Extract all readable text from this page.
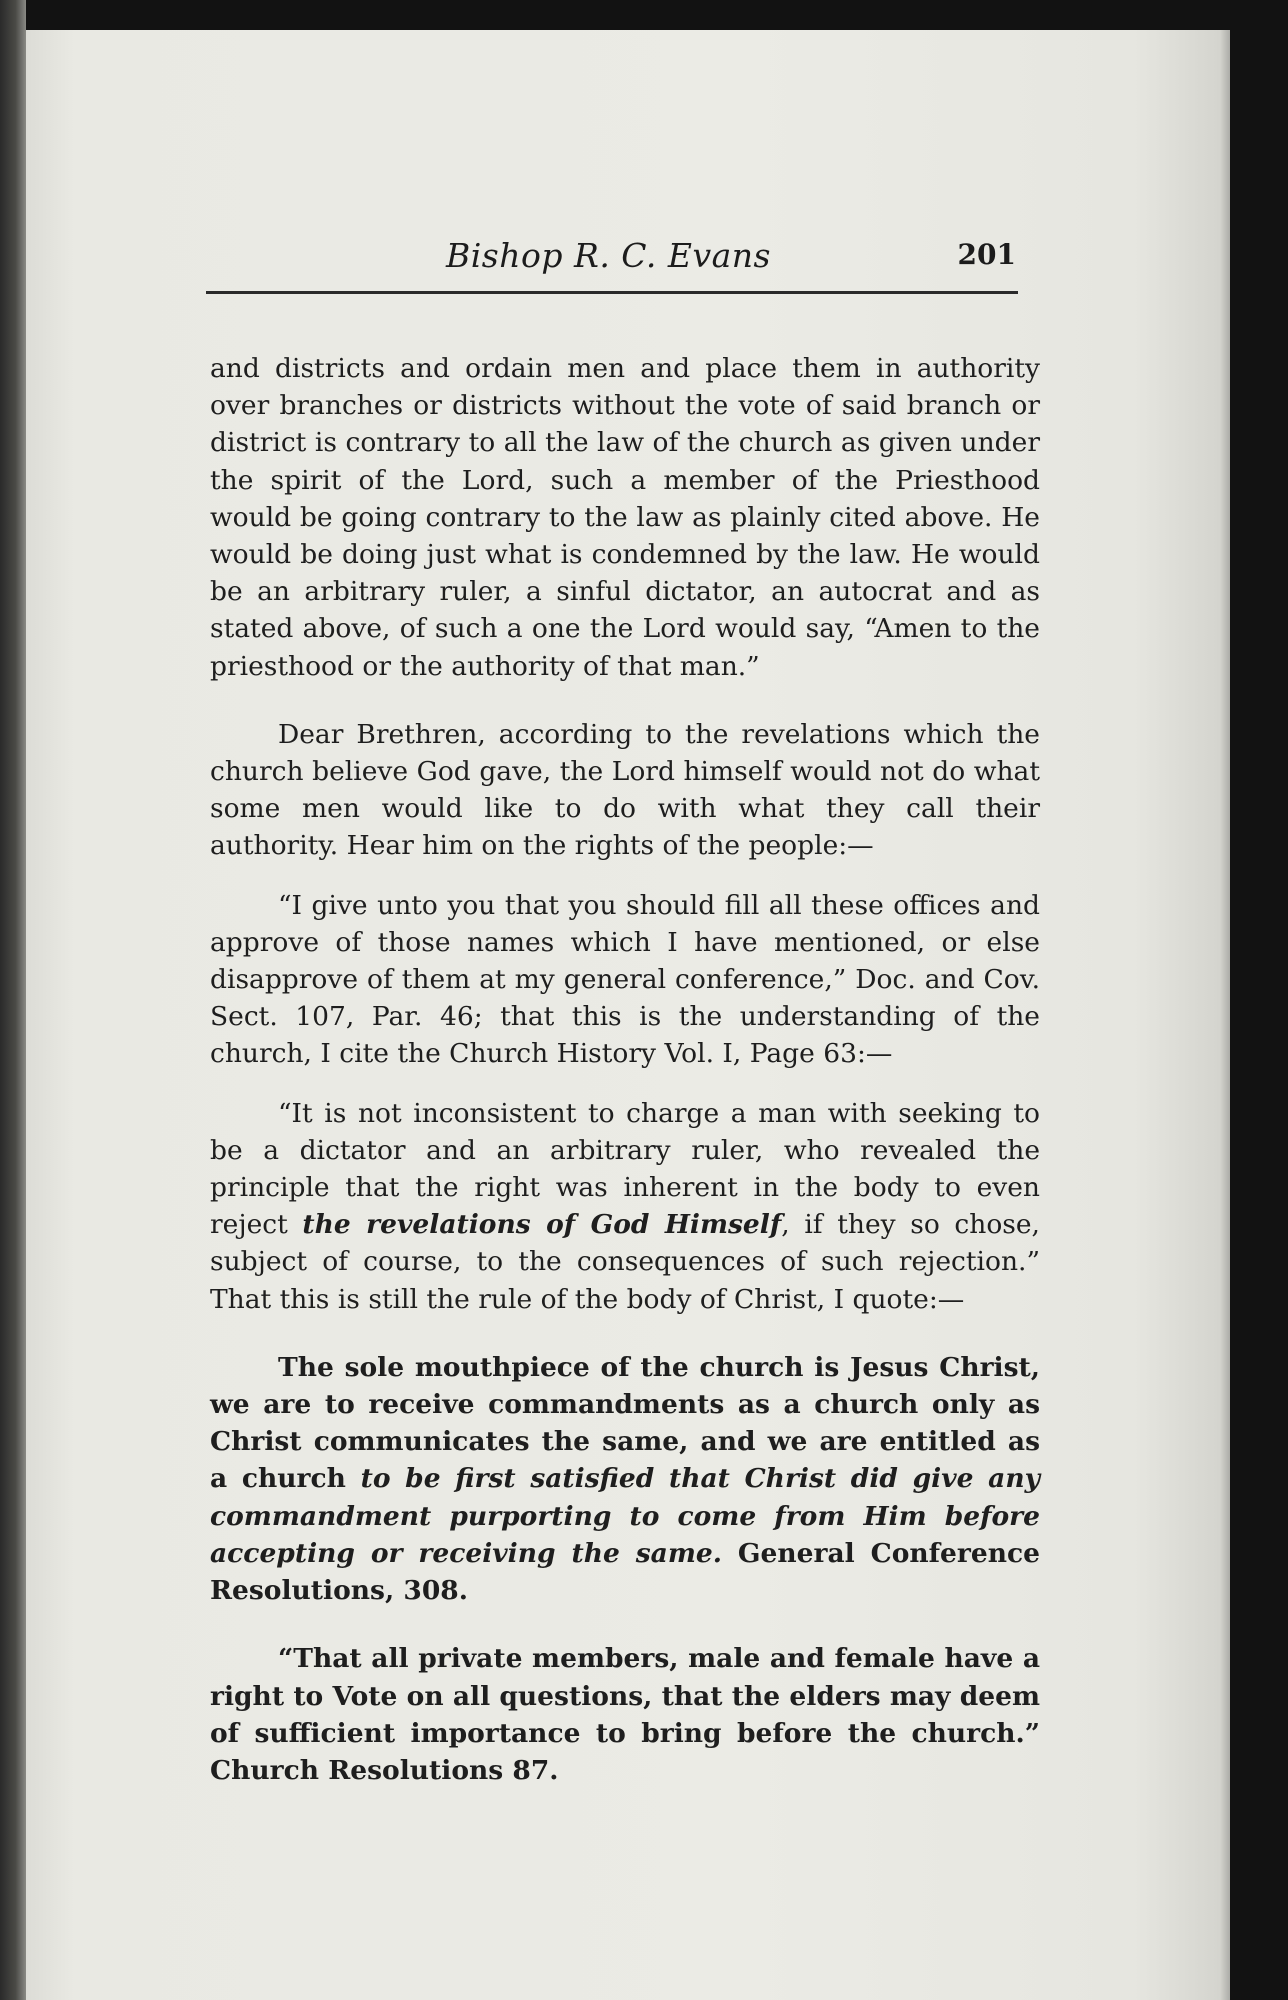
Bishop R. C. Evans	201

and districts and ordain men and place them in authority over branches or districts without the vote of said branch or district is contrary to all the law of the church as given under the spirit of the Lord, such a member of the Priesthood would be going contrary to the law as plainly cited above. He would be doing just what is condemned by the law. He would be an arbitrary ruler, a sinful dictator, an autocrat and as stated above, of such a one the Lord would say, “Amen to the priesthood or the authority of that man.”

Dear Brethren, according to the revelations which the church believe God gave, the Lord himself would not do what some men would like to do with what they call their authority. Hear him on the rights of the people:—

“I give unto you that you should fill all these offices and approve of those names which I have mentioned, or else disapprove of them at my general conference,” Doc. and Cov. Sect. 107, Par. 46; that this is the understanding of the church, I cite the Church History Vol. I, Page 63:—

“It is not inconsistent to charge a man with seeking to be a dictator and an arbitrary ruler, who revealed the principle that the right was inherent in the body to even reject the revelations of God Himself, if they so chose, subject of course, to the consequences of such rejection.” That this is still the rule of the body of Christ, I quote:—

The sole mouthpiece of the church is Jesus Christ, we are to receive commandments as a church only as Christ communicates the same, and we are entitled as a church to be first satisfied that Christ did give any commandment purporting to come from Him before accepting or receiving the same. General Conference Resolutions, 308.

“That all private members, male and female have a right to Vote on all questions, that the elders may deem of sufficient importance to bring before the church.” Church Resolutions 87.
